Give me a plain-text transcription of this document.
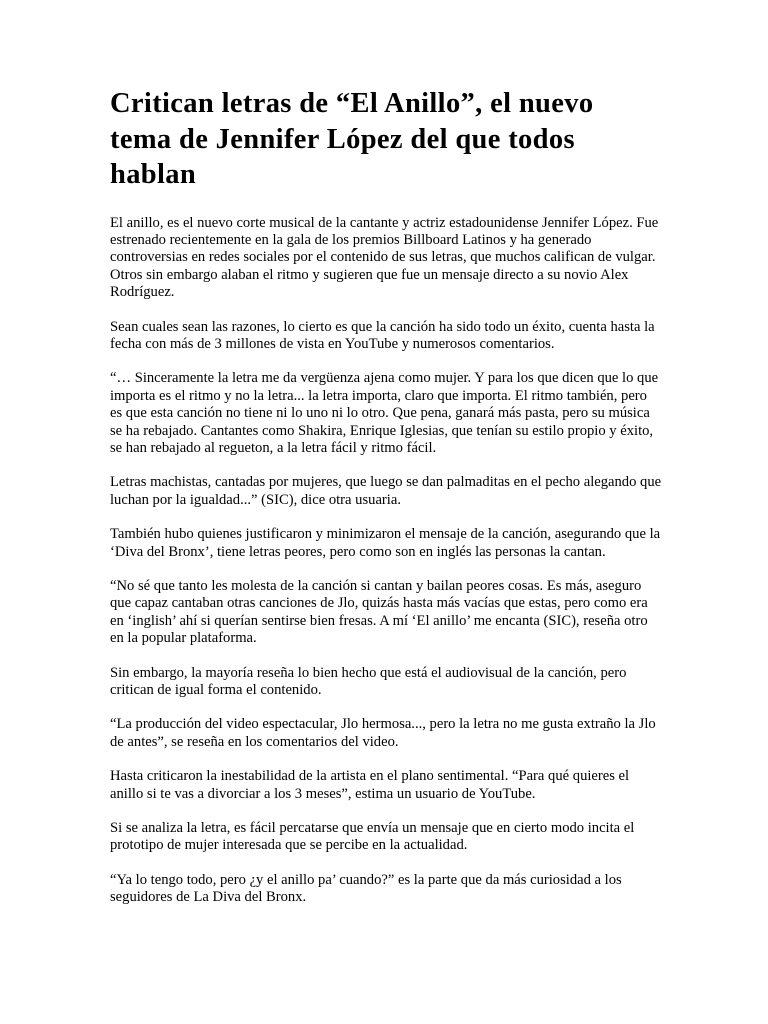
Critican letras de “El Anillo”, el nuevo tema de Jennifer López del que todos hablan

El anillo, es el nuevo corte musical de la cantante y actriz estadounidense Jennifer López. Fue estrenado recientemente en la gala de los premios Billboard Latinos y ha generado controversias en redes sociales por el contenido de sus letras, que muchos califican de vulgar. Otros sin embargo alaban el ritmo y sugieren que fue un mensaje directo a su novio Alex Rodríguez.

Sean cuales sean las razones, lo cierto es que la canción ha sido todo un éxito, cuenta hasta la fecha con más de 3 millones de vista en YouTube y numerosos comentarios.

“… Sinceramente la letra me da vergüenza ajena como mujer. Y para los que dicen que lo que importa es el ritmo y no la letra... la letra importa, claro que importa. El ritmo también, pero es que esta canción no tiene ni lo uno ni lo otro. Que pena, ganará más pasta, pero su música se ha rebajado. Cantantes como Shakira, Enrique Iglesias, que tenían su estilo propio y éxito, se han rebajado al regueton, a la letra fácil y ritmo fácil.

Letras machistas, cantadas por mujeres, que luego se dan palmaditas en el pecho alegando que luchan por la igualdad...” (SIC), dice otra usuaria.

También hubo quienes justificaron y minimizaron el mensaje de la canción, asegurando que la ‘Diva del Bronx’, tiene letras peores, pero como son en inglés las personas la cantan.

“No sé que tanto les molesta de la canción si cantan y bailan peores cosas. Es más, aseguro que capaz cantaban otras canciones de Jlo, quizás hasta más vacías que estas, pero como era en ‘inglish’ ahí si querían sentirse bien fresas. A mí ‘El anillo’ me encanta (SIC), reseña otro en la popular plataforma.

Sin embargo, la mayoría reseña lo bien hecho que está el audiovisual de la canción, pero critican de igual forma el contenido.

“La producción del video espectacular, Jlo hermosa..., pero la letra no me gusta extraño la Jlo de antes”, se reseña en los comentarios del video.

Hasta criticaron la inestabilidad de la artista en el plano sentimental. “Para qué quieres el anillo si te vas a divorciar a los 3 meses”, estima un usuario de YouTube.

Si se analiza la letra, es fácil percatarse que envía un mensaje que en cierto modo incita el prototipo de mujer interesada que se percibe en la actualidad.

“Ya lo tengo todo, pero ¿y el anillo pa’ cuando?” es la parte que da más curiosidad a los seguidores de La Diva del Bronx.
